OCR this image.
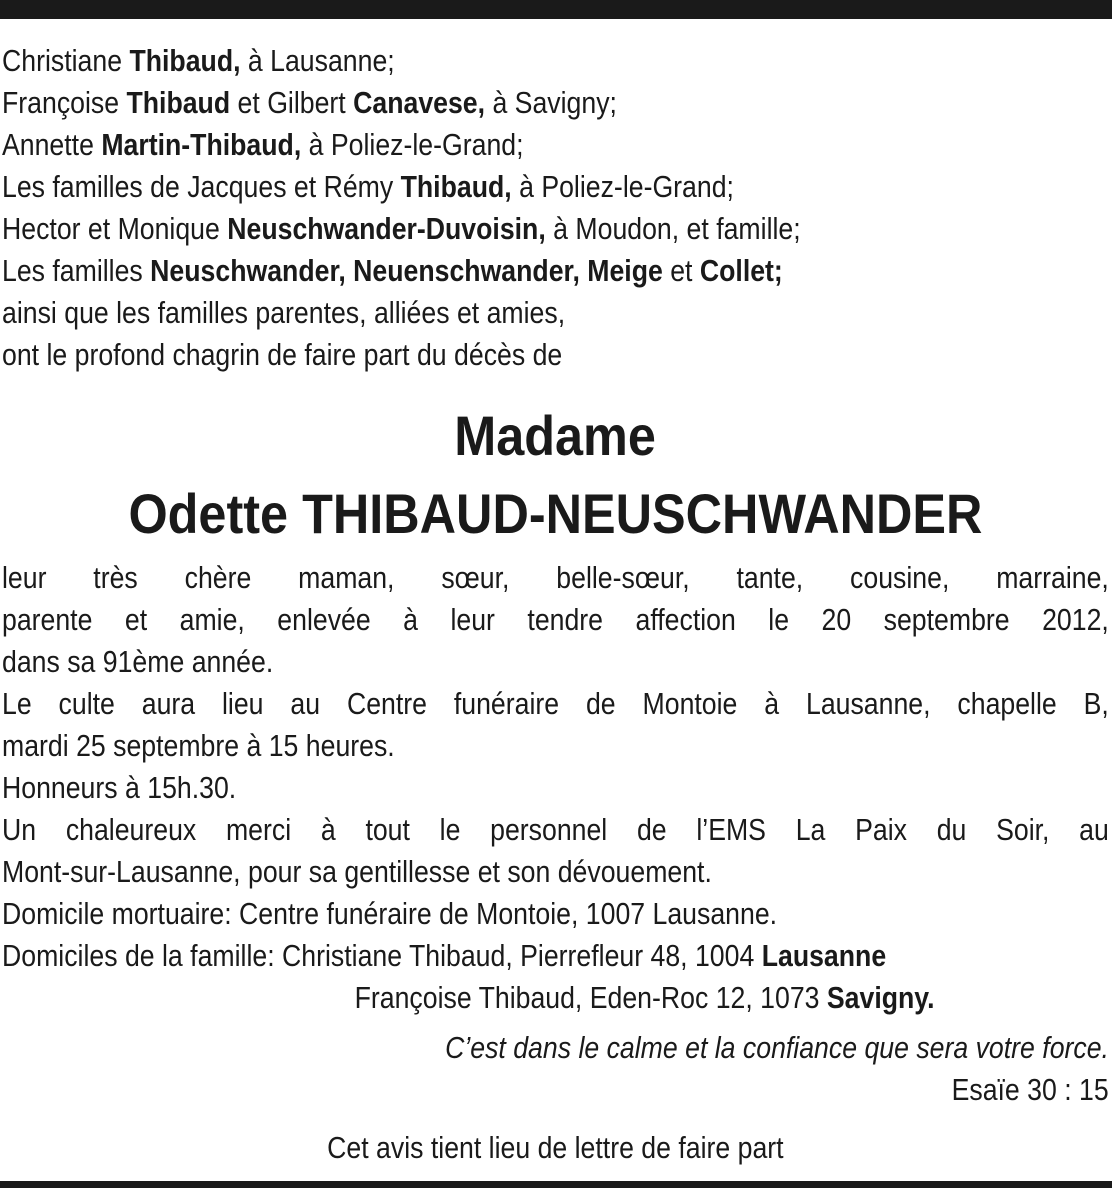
Christiane Thibaud, à Lausanne;
Françoise Thibaud et Gilbert Canavese, à Savigny;
Annette Martin-Thibaud, à Poliez-le-Grand;
Les familles de Jacques et Rémy Thibaud, à Poliez-le-Grand;
Hector et Monique Neuschwander-Duvoisin, à Moudon, et famille;
Les familles Neuschwander, Neuenschwander, Meige et Collet;
ainsi que les familles parentes, alliées et amies,
ont le profond chagrin de faire part du décès de
Madame
Odette THIBAUD-NEUSCHWANDER
leur très chère maman, sœur, belle-sœur, tante, cousine, marraine,
parente et amie, enlevée à leur tendre affection le 20 septembre 2012,
dans sa 91ème année.
Le culte aura lieu au Centre funéraire de Montoie à Lausanne, chapelle B,
mardi 25 septembre à 15 heures.
Honneurs à 15h.30.
Un chaleureux merci à tout le personnel de l’EMS La Paix du Soir, au
Mont-sur-Lausanne, pour sa gentillesse et son dévouement.
Domicile mortuaire: Centre funéraire de Montoie, 1007 Lausanne.
Domiciles de la famille: Christiane Thibaud, Pierrefleur 48, 1004 Lausanne
Françoise Thibaud, Eden-Roc 12, 1073 Savigny.
C’est dans le calme et la confiance que sera votre force.
Esaïe 30 : 15
Cet avis tient lieu de lettre de faire part
